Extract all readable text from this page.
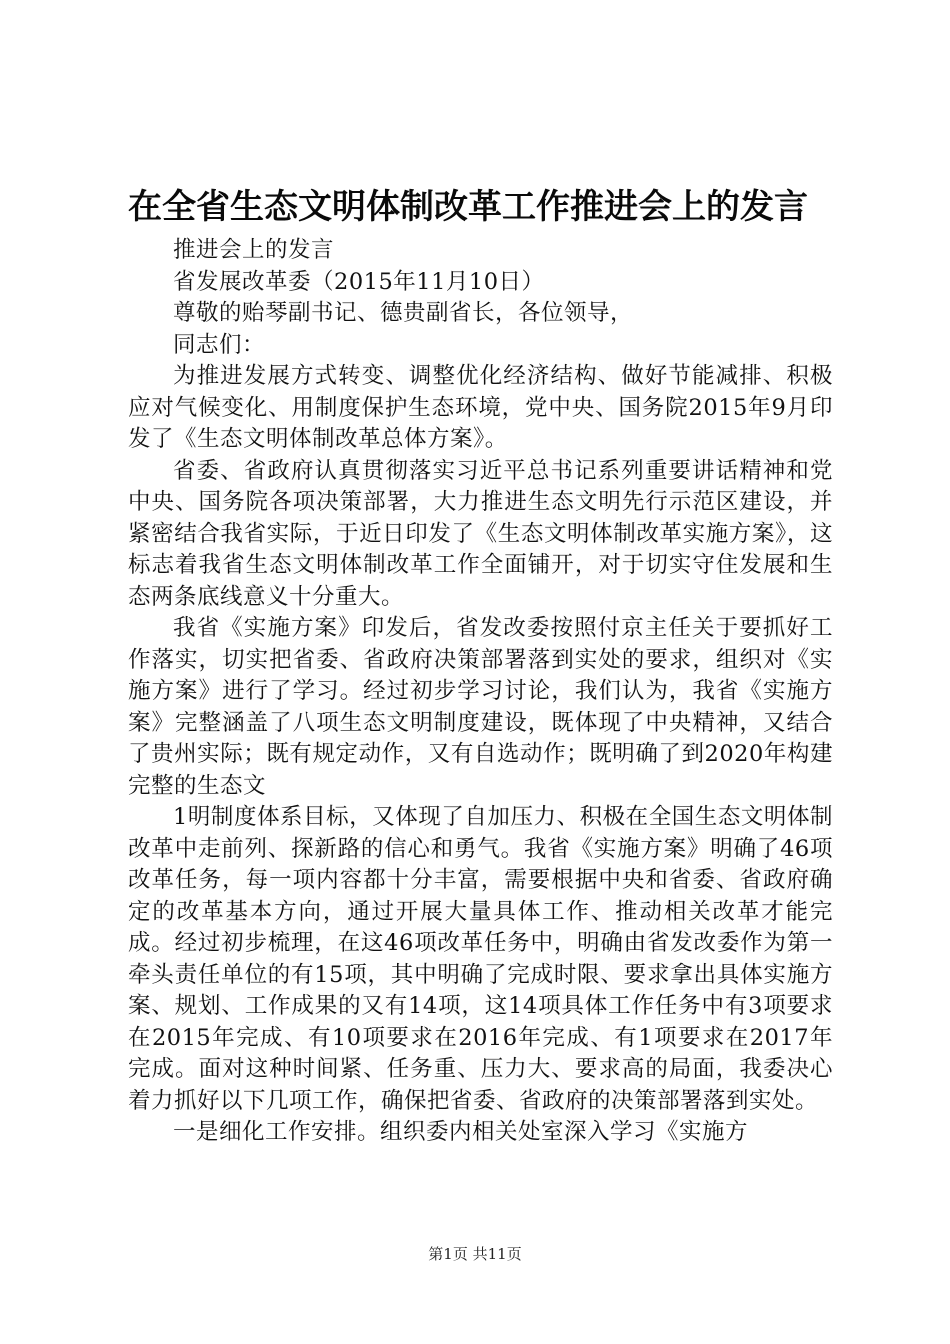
在全省生态文明体制改革工作推进会上的发言

推进会上的发言

省发展改革委（2015年11月10日）

尊敬的贻琴副书记、德贵副省长，各位领导，

同志们：

为推进发展方式转变、调整优化经济结构、做好节能减排、积极应对气候变化、用制度保护生态环境，党中央、国务院2015年9月印发了《生态文明体制改革总体方案》。

省委、省政府认真贯彻落实习近平总书记系列重要讲话精神和党中央、国务院各项决策部署，大力推进生态文明先行示范区建设，并紧密结合我省实际，于近日印发了《生态文明体制改革实施方案》，这标志着我省生态文明体制改革工作全面铺开，对于切实守住发展和生态两条底线意义十分重大。

我省《实施方案》印发后，省发改委按照付京主任关于要抓好工作落实，切实把省委、省政府决策部署落到实处的要求，组织对《实施方案》进行了学习。经过初步学习讨论，我们认为，我省《实施方案》完整涵盖了八项生态文明制度建设，既体现了中央精神，又结合了贵州实际；既有规定动作，又有自选动作；既明确了到2020年构建完整的生态文

1明制度体系目标，又体现了自加压力、积极在全国生态文明体制改革中走前列、探新路的信心和勇气。我省《实施方案》明确了46项改革任务，每一项内容都十分丰富，需要根据中央和省委、省政府确定的改革基本方向，通过开展大量具体工作、推动相关改革才能完成。经过初步梳理，在这46项改革任务中，明确由省发改委作为第一牵头责任单位的有15项，其中明确了完成时限、要求拿出具体实施方案、规划、工作成果的又有14项，这14项具体工作任务中有3项要求在2015年完成、有10项要求在2016年完成、有1项要求在2017年完成。面对这种时间紧、任务重、压力大、要求高的局面，我委决心着力抓好以下几项工作，确保把省委、省政府的决策部署落到实处。

一是细化工作安排。组织委内相关处室深入学习《实施方

第1页 共11页
